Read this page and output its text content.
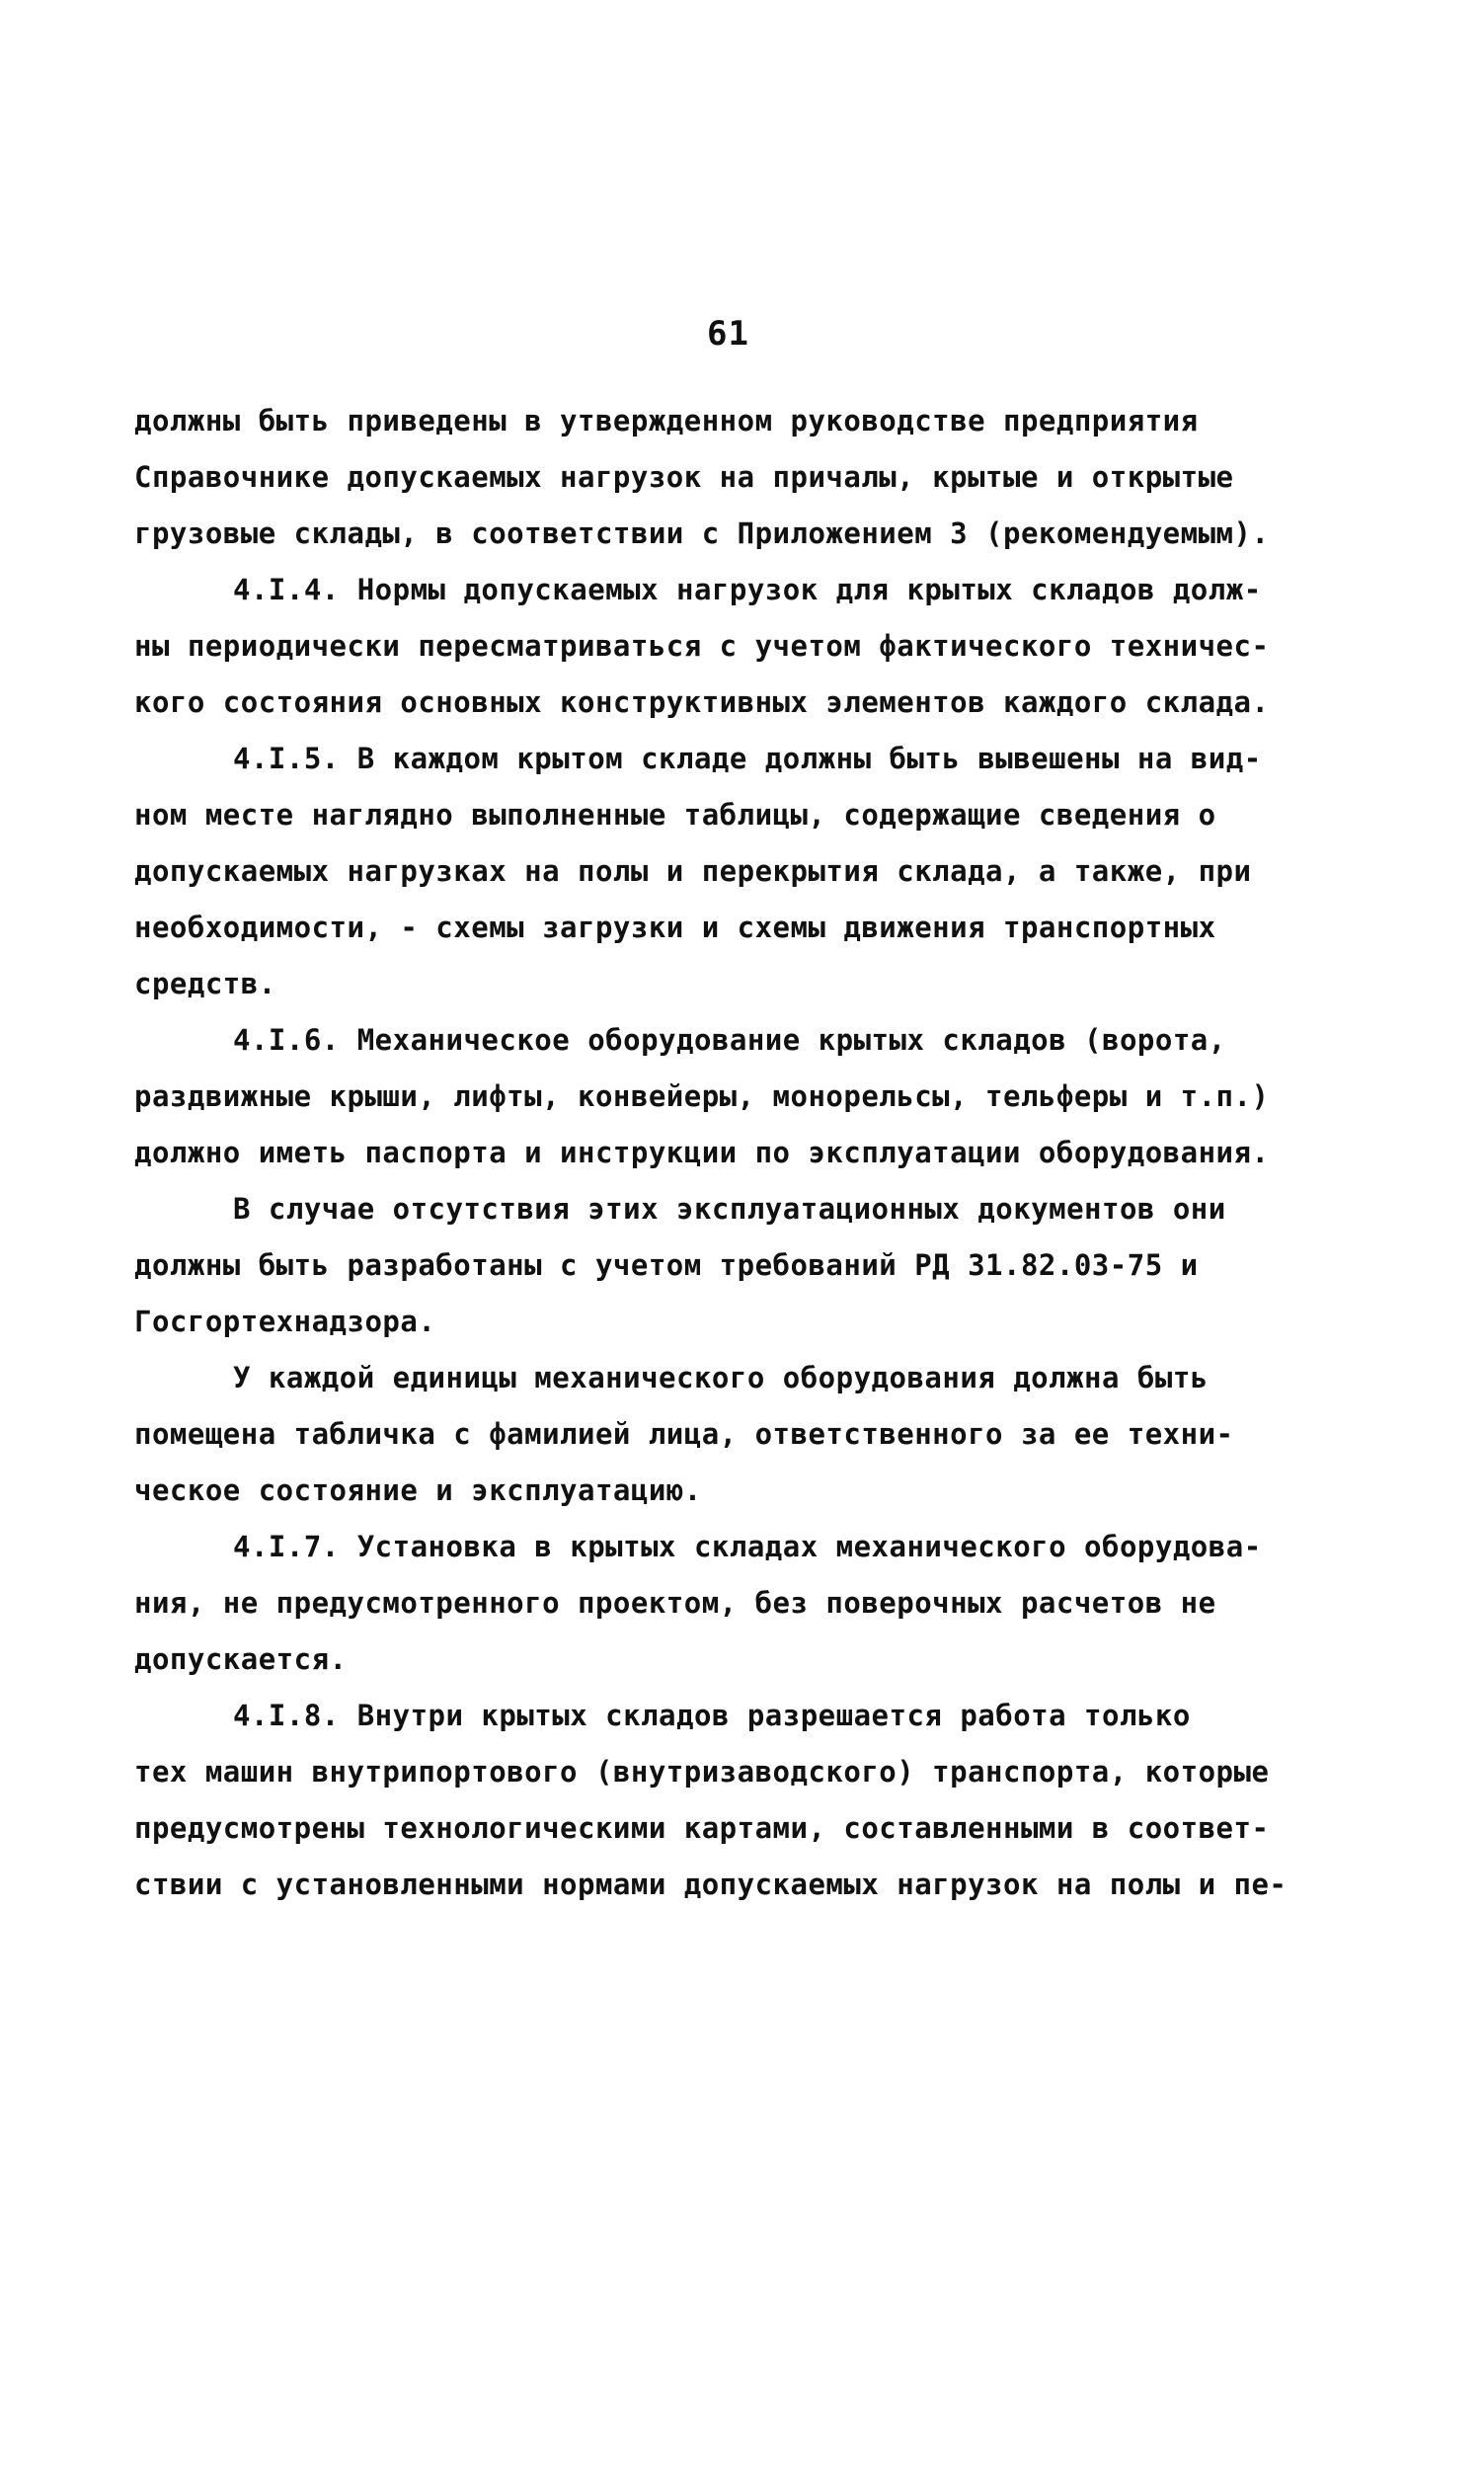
61
должны быть приведены в утвержденном руководстве предприятия
Справочнике допускаемых нагрузок на причалы, крытые и открытые
грузовые склады, в соответствии с Приложением 3 (рекомендуемым).
4.I.4. Нормы допускаемых нагрузок для крытых складов долж-
ны периодически пересматриваться с учетом фактического техничес-
кого состояния основных конструктивных элементов каждого склада.
4.I.5. В каждом крытом складе должны быть вывешены на вид-
ном месте наглядно выполненные таблицы, содержащие сведения о
допускаемых нагрузках на полы и перекрытия склада, а также, при
необходимости, - схемы загрузки и схемы движения транспортных
средств.
4.I.6. Механическое оборудование крытых складов (ворота,
раздвижные крыши, лифты, конвейеры, монорельсы, тельферы и т.п.)
должно иметь паспорта и инструкции по эксплуатации оборудования.
В случае отсутствия этих эксплуатационных документов они
должны быть разработаны с учетом требований РД 31.82.03-75 и
Госгортехнадзора.
У каждой единицы механического оборудования должна быть
помещена табличка с фамилией лица, ответственного за ее техни-
ческое состояние и эксплуатацию.
4.I.7. Установка в крытых складах механического оборудова-
ния, не предусмотренного проектом, без поверочных расчетов не
допускается.
4.I.8. Внутри крытых складов разрешается работа только
тех машин внутрипортового (внутризаводского) транспорта, которые
предусмотрены технологическими картами, составленными в соответ-
ствии с установленными нормами допускаемых нагрузок на полы и пе-
